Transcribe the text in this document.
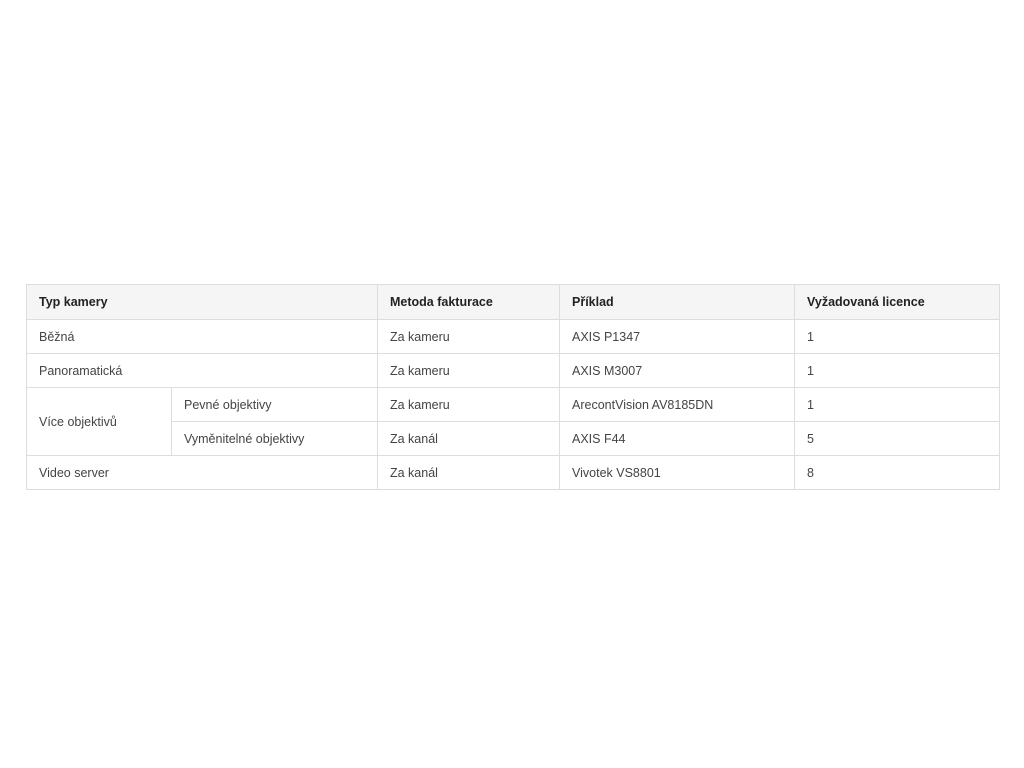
Typ kamery		Metoda fakturace	Příklad	Vyžadovaná licence
Běžná		Za kameru	AXIS P1347	1
Panoramatická		Za kameru	AXIS M3007	1
Více objektivů	Pevné objektivy	Za kameru	ArecontVision AV8185DN	1
	Vyměnitelné objektivy	Za kanál	AXIS F44	5
Video server		Za kanál	Vivotek VS8801	8
